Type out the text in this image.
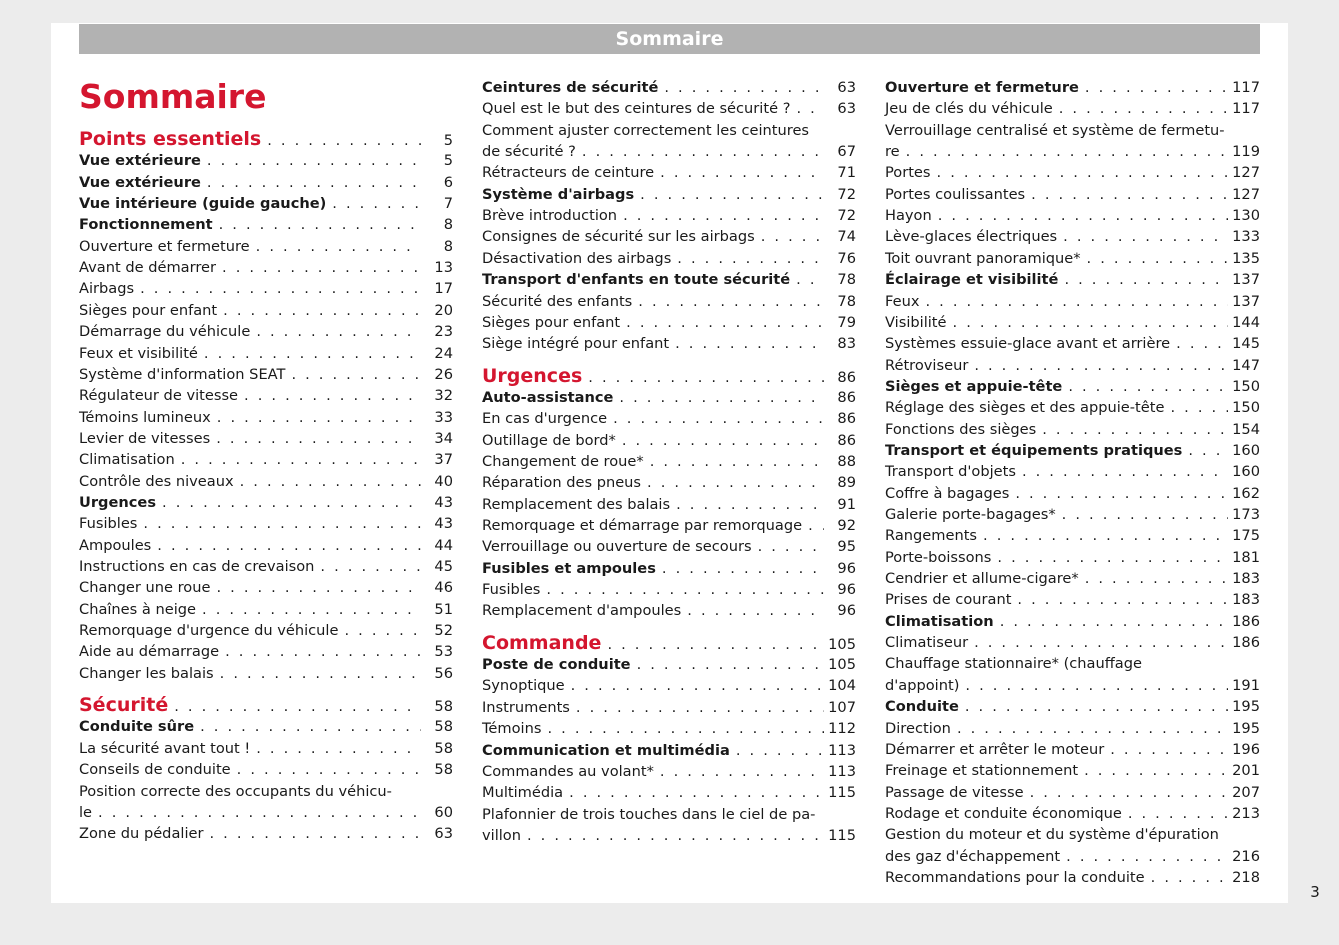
Sommaire
Sommaire
Points essentiels . . .	5
Vue extérieure . . .	5
Vue extérieure . . .	6
Vue intérieure (guide gauche) . . .	7
Fonctionnement . . .	8
Ouverture et fermeture . . .	8
Avant de démarrer . . .	13
Airbags . . .	17
Sièges pour enfant . . .	20
Démarrage du véhicule . . .	23
Feux et visibilité . . .	24
Système d'information SEAT . . .	26
Régulateur de vitesse . . .	32
Témoins lumineux . . .	33
Levier de vitesses . . .	34
Climatisation . . .	37
Contrôle des niveaux . . .	40
Urgences . . .	43
Fusibles . . .	43
Ampoules . . .	44
Instructions en cas de crevaison . . .	45
Changer une roue . . .	46
Chaînes à neige . . .	51
Remorquage d'urgence du véhicule . . .	52
Aide au démarrage . . .	53
Changer les balais . . .	56
Sécurité . . .	58
Conduite sûre . . .	58
La sécurité avant tout ! . . .	58
Conseils de conduite . . .	58
Position correcte des occupants du véhicu-
le . . .	60
Zone du pédalier . . .	63
Ceintures de sécurité . . .	63
Quel est le but des ceintures de sécurité ? . . .	63
Comment ajuster correctement les ceintures
de sécurité ? . . .	67
Rétracteurs de ceinture . . .	71
Système d'airbags . . .	72
Brève introduction . . .	72
Consignes de sécurité sur les airbags . . .	74
Désactivation des airbags . . .	76
Transport d'enfants en toute sécurité . . .	78
Sécurité des enfants . . .	78
Sièges pour enfant . . .	79
Siège intégré pour enfant . . .	83
Urgences . . .	86
Auto-assistance . . .	86
En cas d'urgence . . .	86
Outillage de bord* . . .	86
Changement de roue* . . .	88
Réparation des pneus . . .	89
Remplacement des balais . . .	91
Remorquage et démarrage par remorquage . . .	92
Verrouillage ou ouverture de secours . . .	95
Fusibles et ampoules . . .	96
Fusibles . . .	96
Remplacement d'ampoules . . .	96
Commande . . .	105
Poste de conduite . . .	105
Synoptique . . .	104
Instruments . . .	107
Témoins . . .	112
Communication et multimédia . . .	113
Commandes au volant* . . .	113
Multimédia . . .	115
Plafonnier de trois touches dans le ciel de pa-
villon . . .	115
Ouverture et fermeture . . .	117
Jeu de clés du véhicule . . .	117
Verrouillage centralisé et système de fermetu-
re . . .	119
Portes . . .	127
Portes coulissantes . . .	127
Hayon . . .	130
Lève-glaces électriques . . .	133
Toit ouvrant panoramique* . . .	135
Éclairage et visibilité . . .	137
Feux . . .	137
Visibilité . . .	144
Systèmes essuie-glace avant et arrière . . .	145
Rétroviseur . . .	147
Sièges et appuie-tête . . .	150
Réglage des sièges et des appuie-tête . . .	150
Fonctions des sièges . . .	154
Transport et équipements pratiques . . .	160
Transport d'objets . . .	160
Coffre à bagages . . .	162
Galerie porte-bagages* . . .	173
Rangements . . .	175
Porte-boissons . . .	181
Cendrier et allume-cigare* . . .	183
Prises de courant . . .	183
Climatisation . . .	186
Climatiseur . . .	186
Chauffage stationnaire* (chauffage
d'appoint) . . .	191
Conduite . . .	195
Direction . . .	195
Démarrer et arrêter le moteur . . .	196
Freinage et stationnement . . .	201
Passage de vitesse . . .	207
Rodage et conduite économique . . .	213
Gestion du moteur et du système d'épuration
des gaz d'échappement . . .	216
Recommandations pour la conduite . . .	218
3
